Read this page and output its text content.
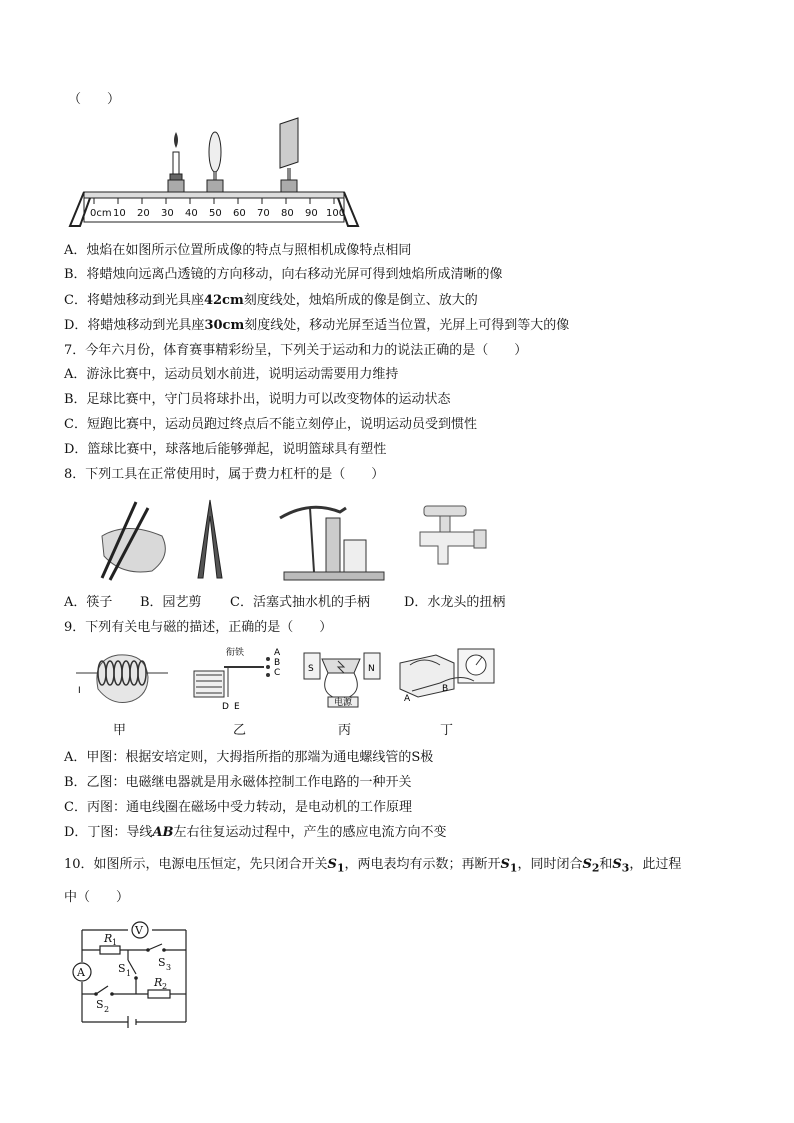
（　　）
0cm 10 20 30 40 50 60 70 80 90 100
A．烛焰在如图所示位置所成像的特点与照相机成像特点相同
B．将蜡烛向远离凸透镜的方向移动，向右移动光屏可得到烛焰所成清晰的像
C．将蜡烛移动到光具座42cm刻度线处，烛焰所成的像是倒立、放大的
D．将蜡烛移动到光具座30cm刻度线处，移动光屏至适当位置，光屏上可得到等大的像
7．今年六月份，体育赛事精彩纷呈，下列关于运动和力的说法正确的是（　　）
A．游泳比赛中，运动员划水前进，说明运动需要用力维持
B．足球比赛中，守门员将球扑出，说明力可以改变物体的运动状态
C．短跑比赛中，运动员跑过终点后不能立刻停止，说明运动员受到惯性
D．篮球比赛中，球落地后能够弹起，说明篮球具有塑性
8．下列工具在正常使用时，属于费力杠杆的是（　　）
A．筷子 B．园艺剪 C．活塞式抽水机的手柄	D．水龙头的扭柄
9．下列有关电与磁的描述，正确的是（　　）
I
衔铁	A
B
C
D E
S	N
电源	A
B
甲	乙	丙	丁
A．甲图：根据安培定则，大拇指所指的那端为通电螺线管的S极
B．乙图：电磁继电器就是用永磁体控制工作电路的一种开关
C．丙图：通电线圈在磁场中受力转动，是电动机的工作原理
D．丁图：导线AB左右往复运动过程中，产生的感应电流方向不变
10．如图所示，电源电压恒定，先只闭合开关$S_1$，两电表均有示数；再断开$S_1$，同时闭合$S_2$和$S_3$，此过程
中（　　）
V
A
R 1
R 2
S 1
S 2
S 3
